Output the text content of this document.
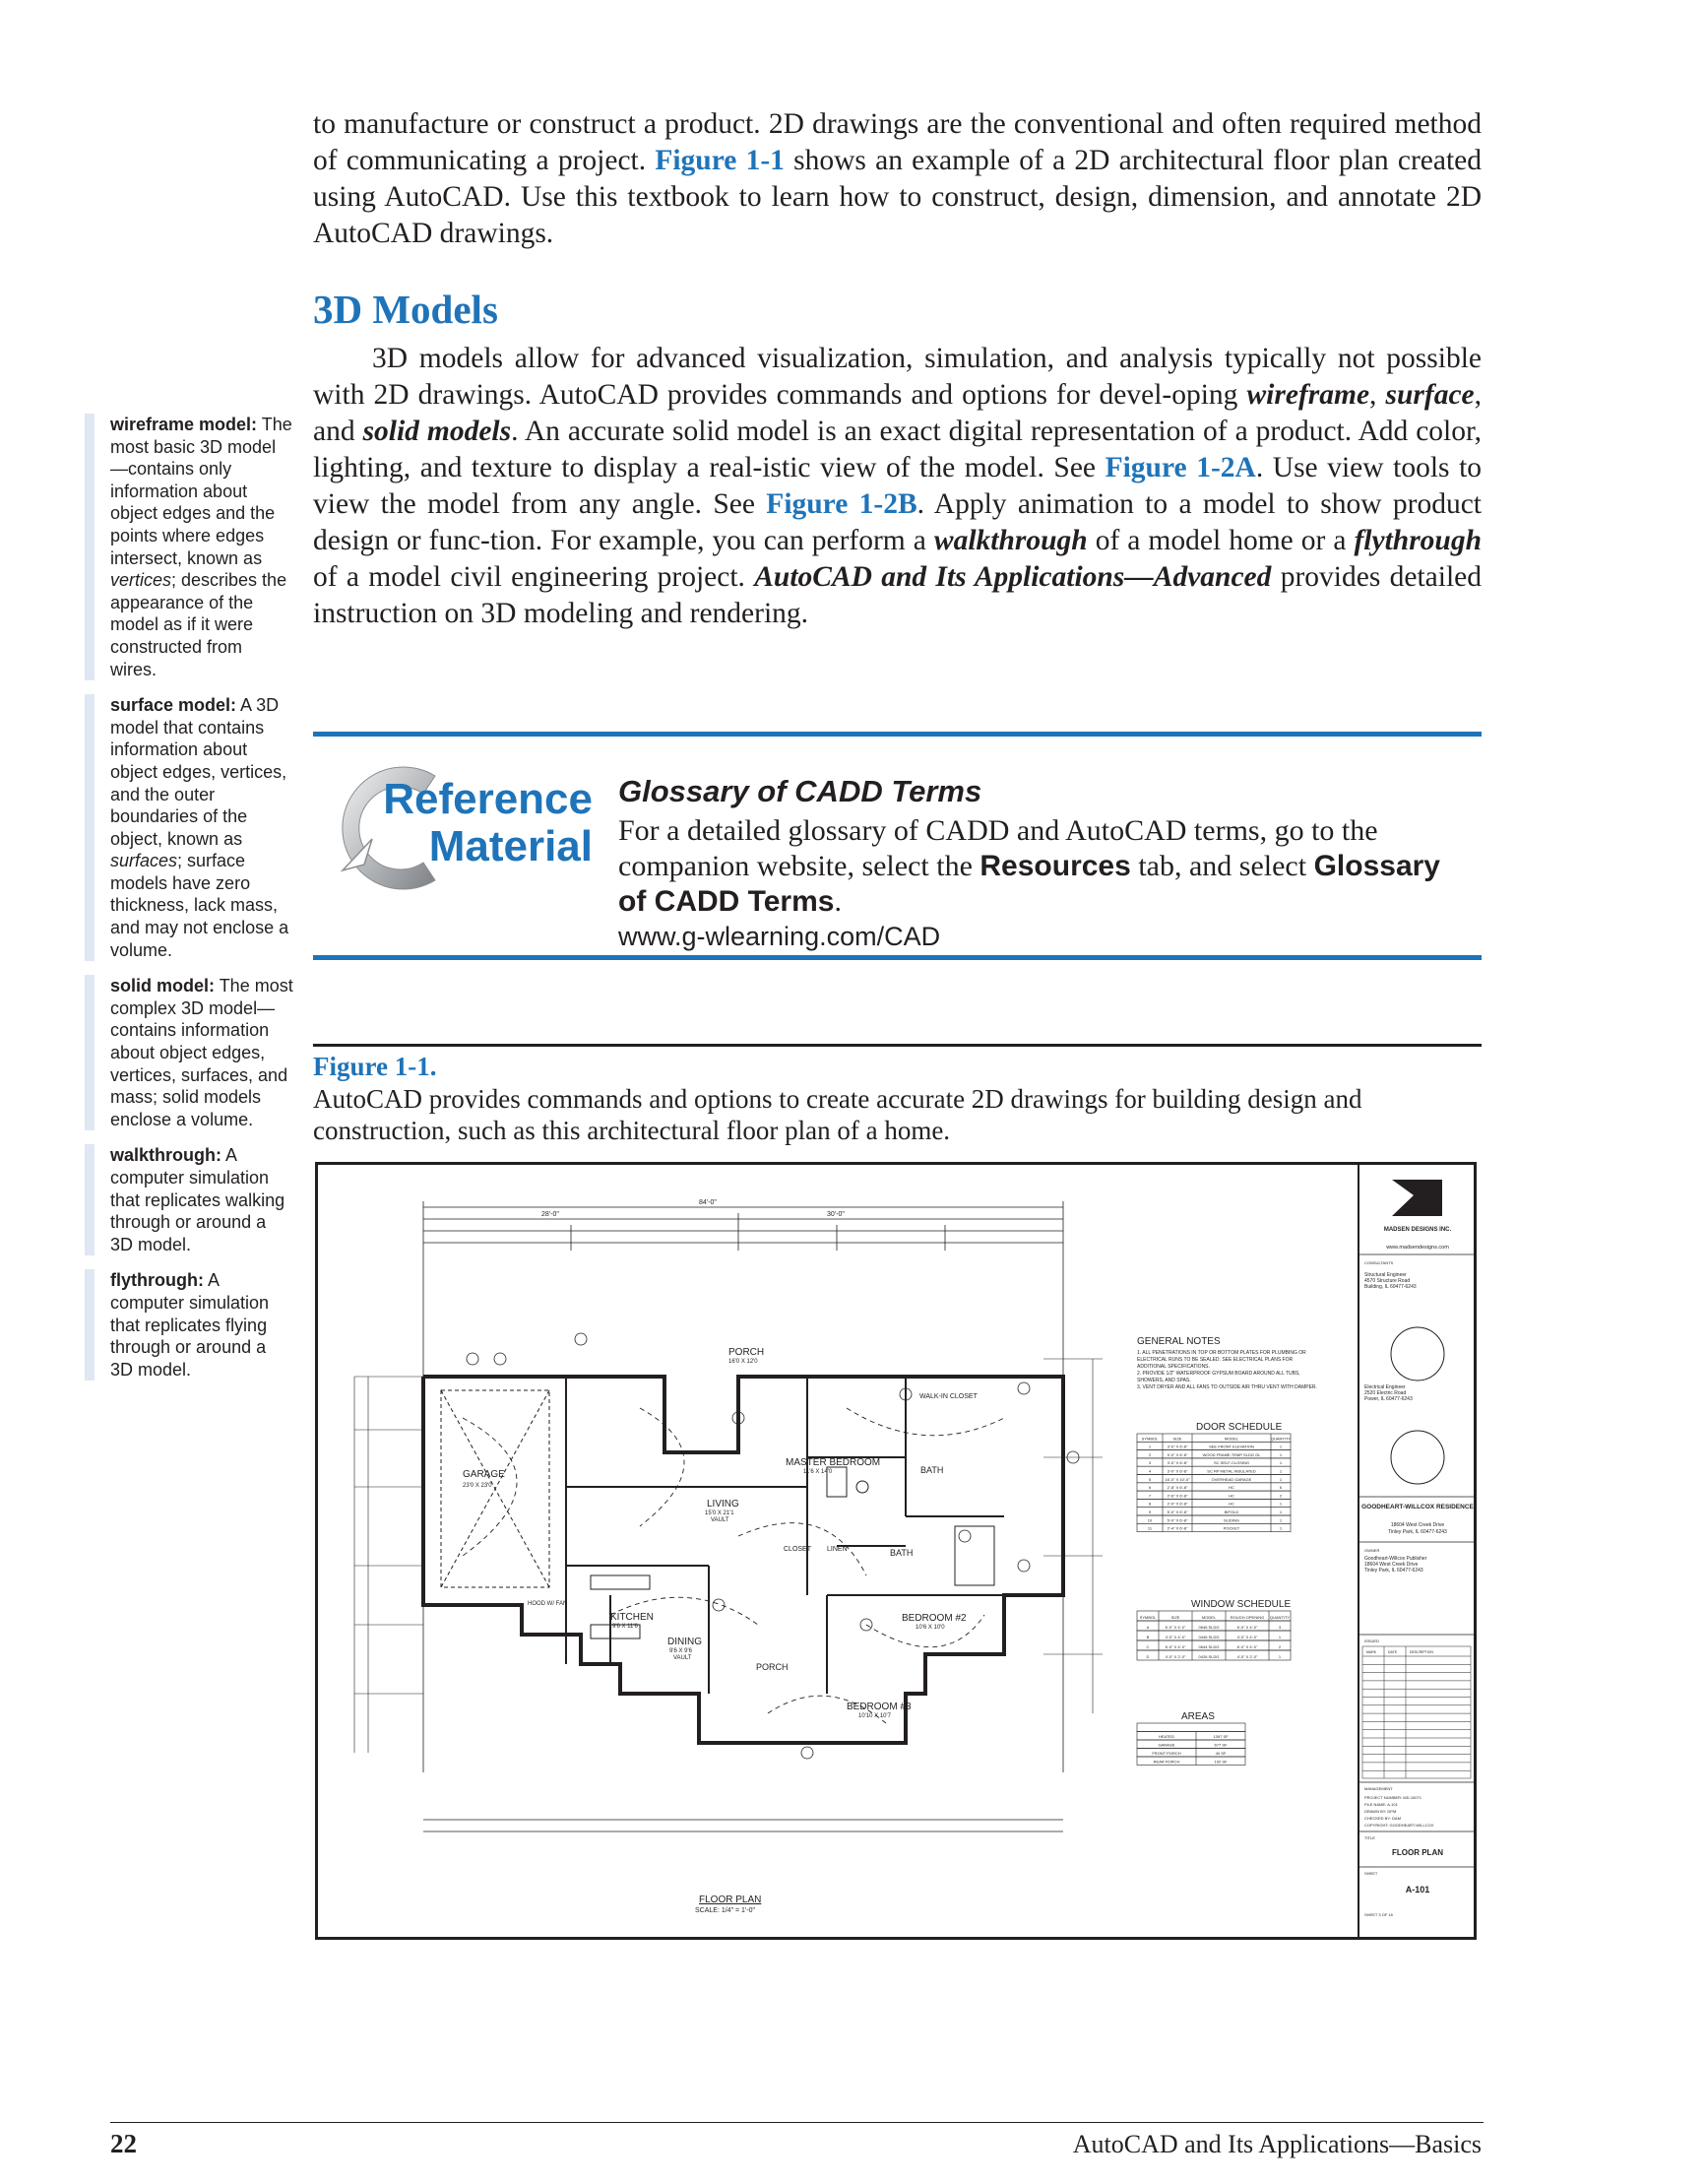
to manufacture or construct a product. 2D drawings are the conventional and often required method of communicating a project. Figure 1-1 shows an example of a 2D architectural floor plan created using AutoCAD. Use this textbook to learn how to construct, design, dimension, and annotate 2D AutoCAD drawings.
3D Models
3D models allow for advanced visualization, simulation, and analysis typically not possible with 2D drawings. AutoCAD provides commands and options for devel-oping wireframe, surface, and solid models. An accurate solid model is an exact digital representation of a product. Add color, lighting, and texture to display a real-istic view of the model. See Figure 1-2A. Use view tools to view the model from any angle. See Figure 1-2B. Apply animation to a model to show product design or func-tion. For example, you can perform a walkthrough of a model home or a flythrough of a model civil engineering project. AutoCAD and Its Applications—Advanced provides detailed instruction on 3D modeling and rendering.
wireframe model: The most basic 3D model—contains only information about object edges and the points where edges intersect, known as vertices; describes the appearance of the model as if it were constructed from wires.
surface model: A 3D model that contains information about object edges, vertices, and the outer boundaries of the object, known as surfaces; surface models have zero thickness, lack mass, and may not enclose a volume.
solid model: The most complex 3D model—contains information about object edges, vertices, surfaces, and mass; solid models enclose a volume.
walkthrough: A computer simulation that replicates walking through or around a 3D model.
flythrough: A computer simulation that replicates flying through or around a 3D model.
Reference
Material
Glossary of CADD Terms
For a detailed glossary of CADD and AutoCAD terms, go to the companion website, select the Resources tab, and select Glossary of CADD Terms.
www.g-wlearning.com/CAD
Figure 1-1.
AutoCAD provides commands and options to create accurate 2D drawings for building design and construction, such as this architectural floor plan of a home.
84'-0"
28'-0"	30'-0"
GARAGE
23'0 X 23'0
PORCH
16'0 X 12'0
MASTER BEDROOM
11'6 X 14'0
LIVING
15'0 X 21'1
VAULT
BATH
WALK-IN CLOSET
LINEN
CLOSET	BATH
KITCHEN
9'6 X 11'6
DINING
9'6 X 9'6
VAULT
PORCH
BEDROOM #2
10'6 X 10'0
BEDROOM #3
10'10 X 10'7
HOOD W/ FAN
FLOOR PLAN
SCALE: 1/4" = 1'-0"
GENERAL NOTES
1. ALL PENETRATIONS IN TOP OR BOTTOM PLATES FOR PLUMBING OR
ELECTRICAL RUNS TO BE SEALED. SEE ELECTRICAL PLANS FOR
ADDITIONAL SPECIFICATIONS.
2. PROVIDE 1/2" WATERPROOF GYPSUM BOARD AROUND ALL TUBS,
SHOWERS, AND SPAS.
3. VENT DRYER AND ALL FANS TO OUTSIDE AIR THRU VENT WITH DAMPER.
DOOR SCHEDULE
SYMBOL	SIZE	MODEL	QUANTITY
1	3'-0" X 6'-8"	SEE FRONT ELEVATION	1
2	9'-0" X 6'-8"	WOOD FRAME-TEMP SLDG GL	1
3	3'-0" X 6'-8"	SC SELF-CLOSING	1
4	3'-0" X 6'-8"	SC RP METAL INSULATED	1
5	16'-0" X 10'-0"	OVERHEAD GARAGE	1
6	2'-8" X 6'-8"	HC	6
7	2'-6" X 6'-8"	HC	2
8	2'-0" X 6'-8"	HC	1
9	5'-0" X 6'-8"	BIFOLD	1
10	5'-0" X 6'-8"	SLIDING	1
11	2'-4" X 6'-8"	POCKET	1
WINDOW SCHEDULE
SYMBOL	SIZE	MODEL	ROUGH OPENING QUANTITY
A	6'-0" X 4'-0"	0646 SLDG	6'-0" X 4'-0"	3
B	4'-0" X 4'-0"	0446 SLDG	4'-0" X 4'-0"	1
C	6'-0" X 4'-0"	0644 SLDG	6'-0" X 4'-0"	2
D	4'-0" X 2'-0"	0426 SLDG	4'-0" X 2'-0"	1
AREAS
HEATED	1397 SF
GARAGE	677 SF
FRONT PORCH	40 SF
REAR PORCH	192 SF
MADSEN DESIGNS INC.
www.madsendesigns.com
CONSULTANTS
Structural Engineer
4570 Structure Road
Building, IL 60477-6243
Electrical Engineer
2520 Electric Road
Power, IL 60477-6243
GOODHEART-WILLCOX RESIDENCE
18604 West Creek Drive
Tinley Park, IL 60477-6243
OWNER
Goodheart-Willcox Publisher
18604 West Creek Drive
Tinley Park, IL 60477-6243
ISSUED
MARK	DATE	DESCRIPTION
MANAGEMENT
PROJECT NUMBER: MD-10071
FILE NAME: A-101
DRAWN BY: DPM
CHECKED BY: DAM
COPYRIGHT: GOODHEART-WILLCOX
TITLE
FLOOR PLAN
SHEET
A-101
SHEET 3 OF 16
22	AutoCAD and Its Applications—Basics
